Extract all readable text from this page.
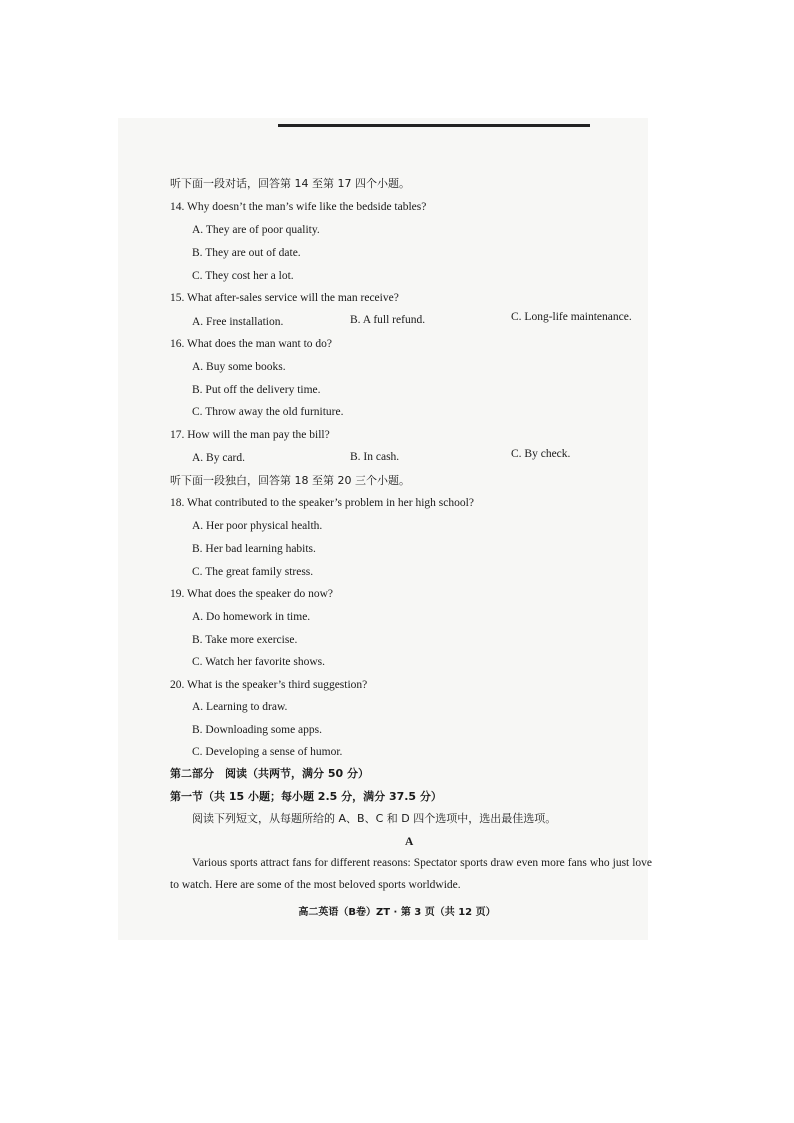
听下面一段对话，回答第 14 至第 17 四个小题。
14. Why doesn’t the man’s wife like the bedside tables?
A. They are of poor quality.
B. They are out of date.
C. They cost her a lot.
15. What after-sales service will the man receive?
A. Free installation.	B. A full refund.	C. Long-life maintenance.
16. What does the man want to do?
A. Buy some books.
B. Put off the delivery time.
C. Throw away the old furniture.
17. How will the man pay the bill?
A. By card.	B. In cash.	C. By check.
听下面一段独白，回答第 18 至第 20 三个小题。
18. What contributed to the speaker’s problem in her high school?
A. Her poor physical health.
B. Her bad learning habits.
C. The great family stress.
19. What does the speaker do now?
A. Do homework in time.
B. Take more exercise.
C. Watch her favorite shows.
20. What is the speaker’s third suggestion?
A. Learning to draw.
B. Downloading some apps.
C. Developing a sense of humor.
第二部分　阅读（共两节，满分 50 分）
第一节（共 15 小题；每小题 2.5 分，满分 37.5 分）
阅读下列短文，从每题所给的 A、B、C 和 D 四个选项中，选出最佳选项。
A

Various sports attract fans for different reasons: Spectator sports draw even more fans who just love to watch. Here are some of the most beloved sports worldwide.

高二英语（B卷）ZT · 第 3 页（共 12 页）
